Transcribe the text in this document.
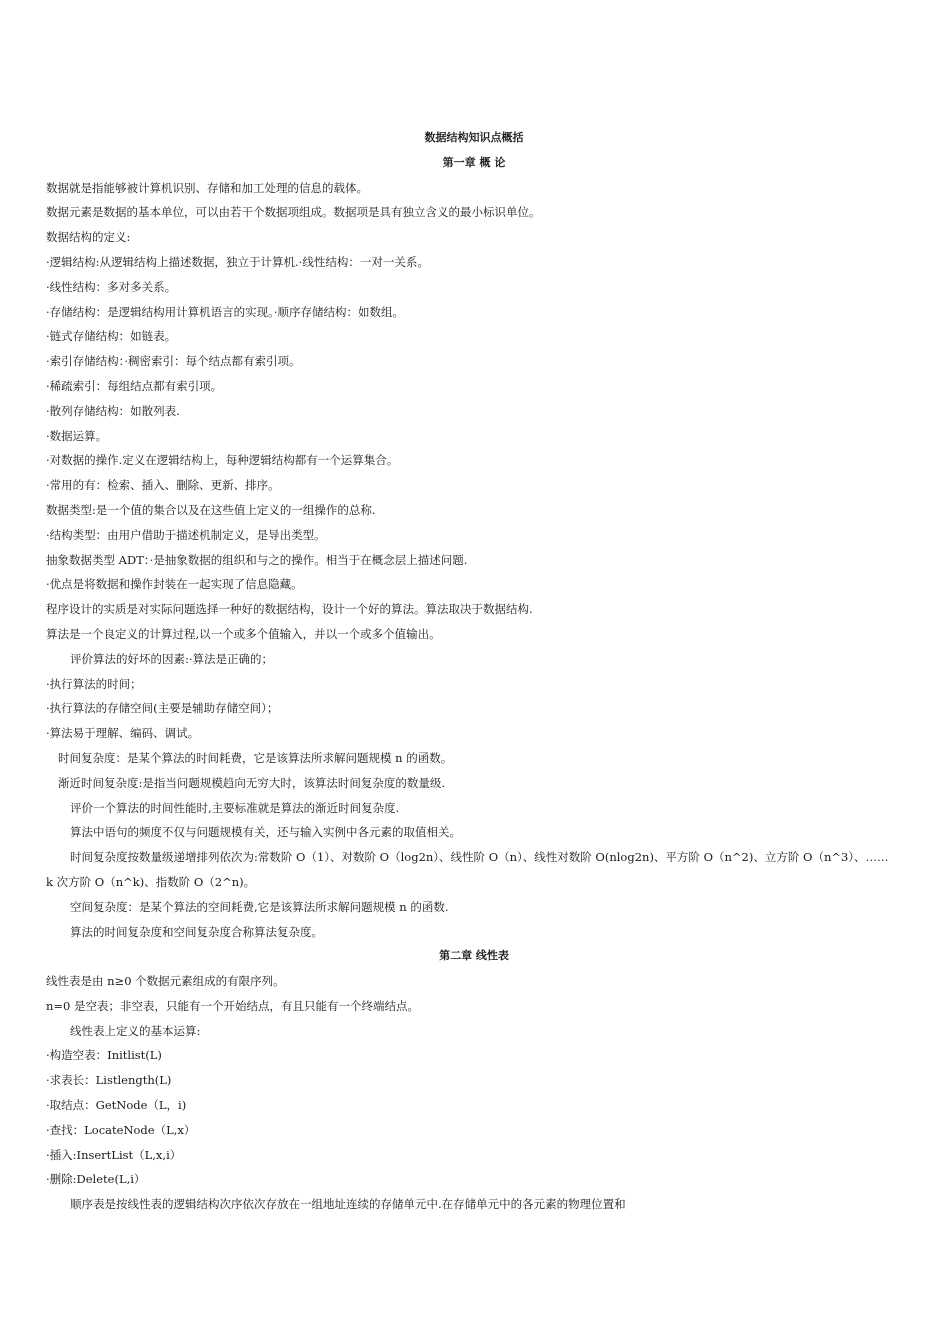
数据结构知识点概括
第一章 概 论
数据就是指能够被计算机识别、存储和加工处理的信息的载体。
数据元素是数据的基本单位，可以由若干个数据项组成。数据项是具有独立含义的最小标识单位。
数据结构的定义:
·逻辑结构:从逻辑结构上描述数据，独立于计算机.·线性结构：一对一关系。
·线性结构：多对多关系。
·存储结构：是逻辑结构用计算机语言的实现。·顺序存储结构：如数组。
·链式存储结构：如链表。
·索引存储结构：·稠密索引：每个结点都有索引项。
·稀疏索引：每组结点都有索引项。
·散列存储结构：如散列表.
·数据运算。
·对数据的操作.定义在逻辑结构上，每种逻辑结构都有一个运算集合。
·常用的有：检索、插入、删除、更新、排序。
数据类型:是一个值的集合以及在这些值上定义的一组操作的总称.
·结构类型：由用户借助于描述机制定义，是导出类型。
抽象数据类型 ADT：·是抽象数据的组织和与之的操作。相当于在概念层上描述问题.
·优点是将数据和操作封装在一起实现了信息隐藏。
程序设计的实质是对实际问题选择一种好的数据结构，设计一个好的算法。算法取决于数据结构.
算法是一个良定义的计算过程,以一个或多个值输入，并以一个或多个值输出。
评价算法的好坏的因素:·算法是正确的；
·执行算法的时间；
·执行算法的存储空间(主要是辅助存储空间）；
·算法易于理解、编码、调试。
时间复杂度：是某个算法的时间耗费，它是该算法所求解问题规模 n 的函数。
渐近时间复杂度:是指当问题规模趋向无穷大时，该算法时间复杂度的数量级.
评价一个算法的时间性能时,主要标准就是算法的渐近时间复杂度.
算法中语句的频度不仅与问题规模有关，还与输入实例中各元素的取值相关。
时间复杂度按数量级递增排列依次为:常数阶 O（1）、对数阶 O（log2n）、线性阶 O（n）、线性对数阶 O(nlog2n)、平方阶 O（n^2)、立方阶 O（n^3）、……
k 次方阶 O（n^k)、指数阶 O（2^n)。
空间复杂度：是某个算法的空间耗费,它是该算法所求解问题规模 n 的函数.
算法的时间复杂度和空间复杂度合称算法复杂度。
第二章 线性表
线性表是由 n≥0 个数据元素组成的有限序列。
n=0 是空表；非空表，只能有一个开始结点，有且只能有一个终端结点。
线性表上定义的基本运算:
·构造空表：Initlist(L)
·求表长：Listlength(L)
·取结点：GetNode（L，i)
·查找：LocateNode（L,x）
·插入:InsertList（L,x,i）
·删除:Delete(L,i）
顺序表是按线性表的逻辑结构次序依次存放在一组地址连续的存储单元中.在存储单元中的各元素的物理位置和
